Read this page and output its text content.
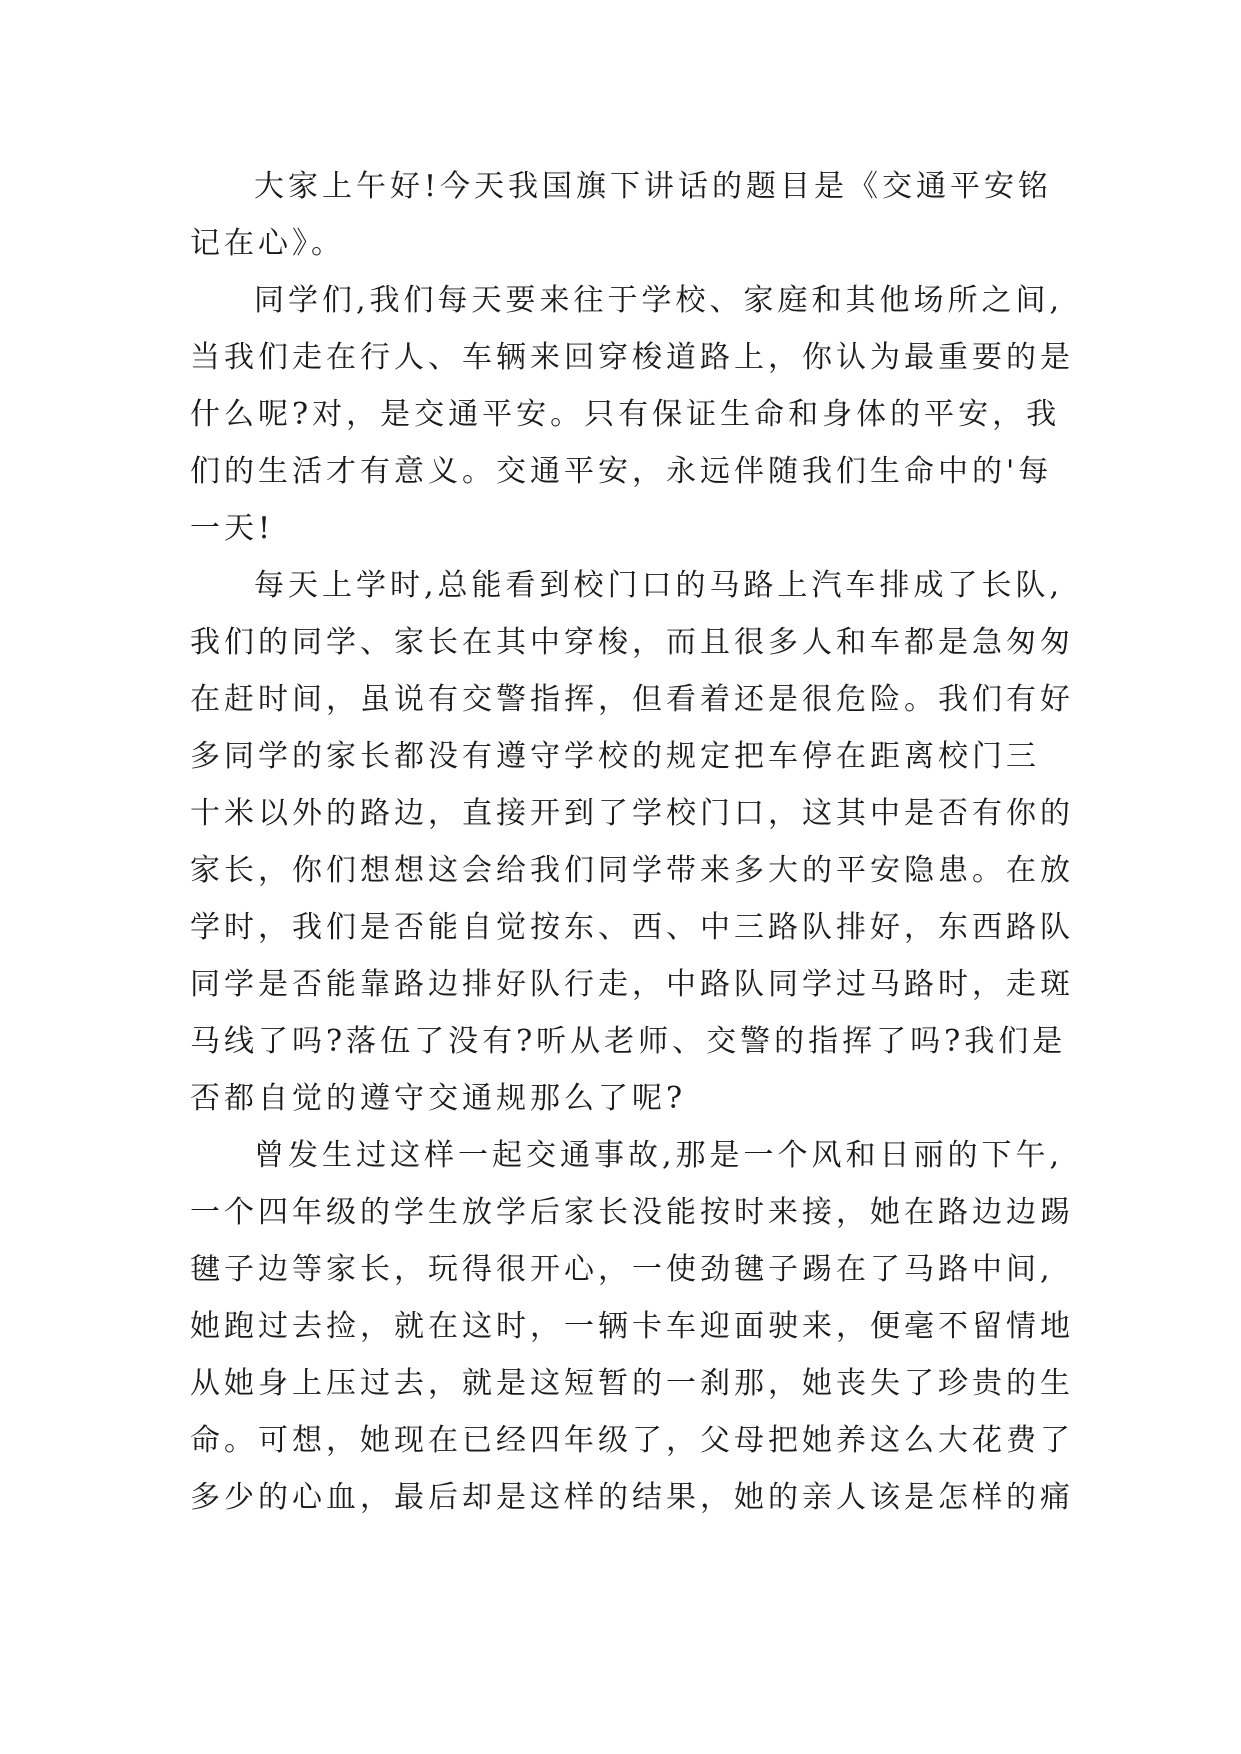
大家上午好!今天我国旗下讲话的题目是《交通平安铭
记在心》。
同学们,我们每天要来往于学校、家庭和其他场所之间,
当我们走在行人、车辆来回穿梭道路上，你认为最重要的是
什么呢?对，是交通平安。只有保证生命和身体的平安，我
们的生活才有意义。交通平安，永远伴随我们生命中的'每
一天!
每天上学时,总能看到校门口的马路上汽车排成了长队,
我们的同学、家长在其中穿梭，而且很多人和车都是急匆匆
在赶时间，虽说有交警指挥，但看着还是很危险。我们有好
多同学的家长都没有遵守学校的规定把车停在距离校门三
十米以外的路边，直接开到了学校门口，这其中是否有你的
家长，你们想想这会给我们同学带来多大的平安隐患。在放
学时，我们是否能自觉按东、西、中三路队排好，东西路队
同学是否能靠路边排好队行走，中路队同学过马路时，走斑
马线了吗?落伍了没有?听从老师、交警的指挥了吗?我们是
否都自觉的遵守交通规那么了呢?
曾发生过这样一起交通事故,那是一个风和日丽的下午,
一个四年级的学生放学后家长没能按时来接，她在路边边踢
毽子边等家长，玩得很开心，一使劲毽子踢在了马路中间,
她跑过去捡，就在这时，一辆卡车迎面驶来，便毫不留情地
从她身上压过去，就是这短暂的一刹那，她丧失了珍贵的生
命。可想，她现在已经四年级了，父母把她养这么大花费了
多少的心血，最后却是这样的结果，她的亲人该是怎样的痛
